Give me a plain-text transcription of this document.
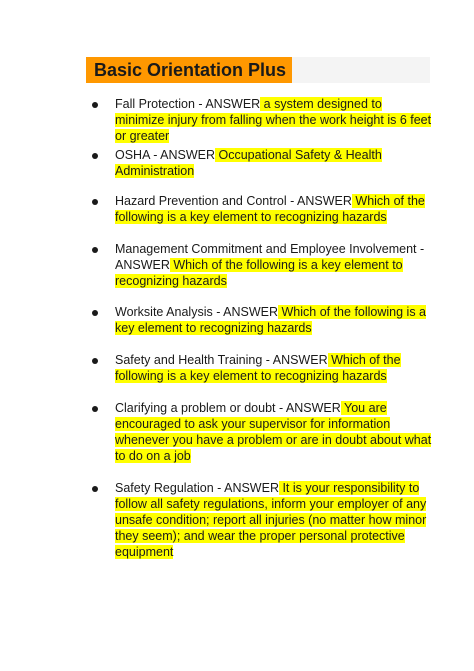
Basic Orientation Plus
Fall Protection - ANSWER a system designed to minimize injury from falling when the work height is 6 feet or greater
OSHA - ANSWER Occupational Safety & Health Administration
Hazard Prevention and Control - ANSWER Which of the following is a key element to recognizing hazards
Management Commitment and Employee Involvement - ANSWER Which of the following is a key element to recognizing hazards
Worksite Analysis - ANSWER Which of the following is a key element to recognizing hazards
Safety and Health Training - ANSWER Which of the following is a key element to recognizing hazards
Clarifying a problem or doubt - ANSWER You are encouraged to ask your supervisor for information whenever you have a problem or are in doubt about what to do on a job
Safety Regulation - ANSWER It is your responsibility to follow all safety regulations, inform your employer of any unsafe condition; report all injuries (no matter how minor they seem); and wear the proper personal protective equipment
